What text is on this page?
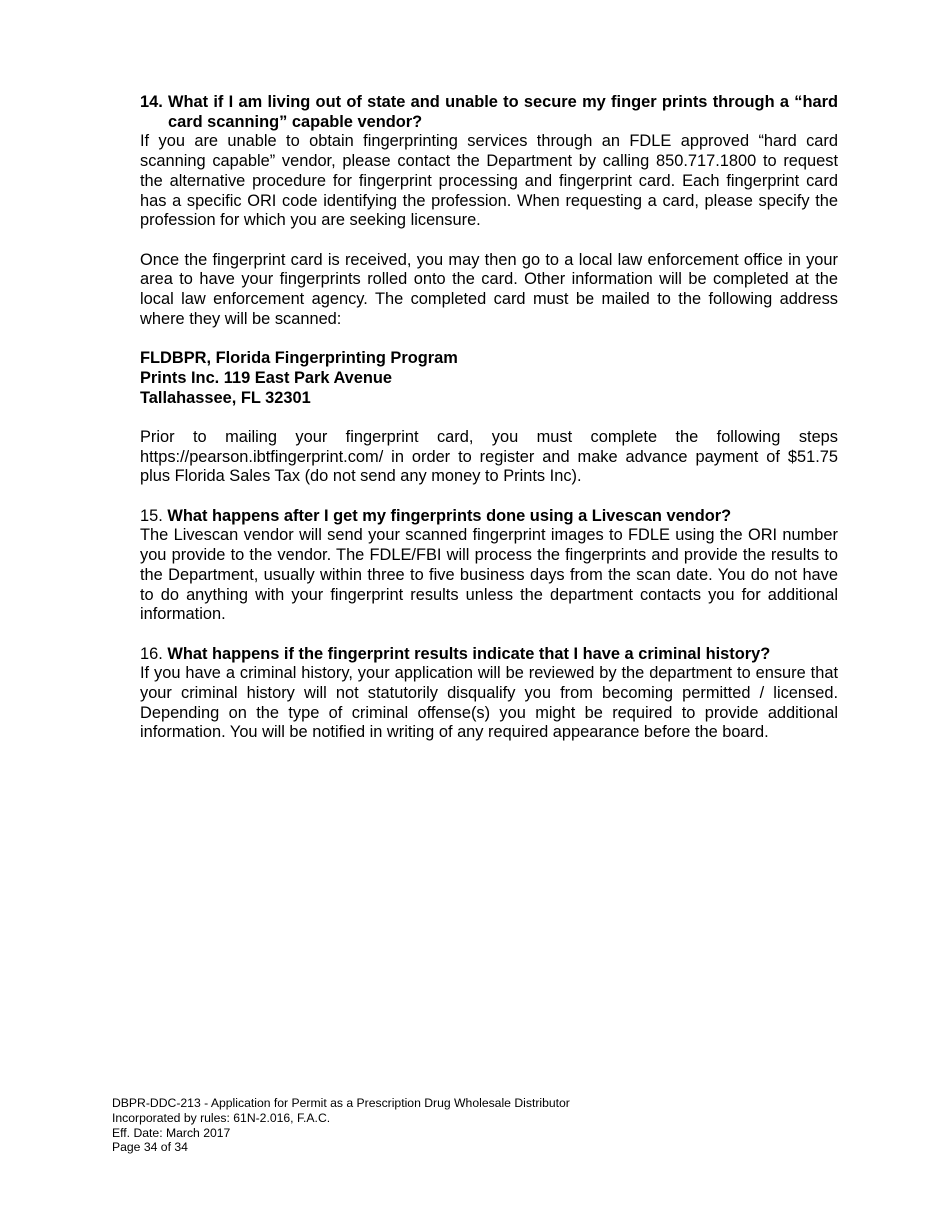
14. What if I am living out of state and unable to secure my finger prints through a “hard card scanning” capable vendor?

If you are unable to obtain fingerprinting services through an FDLE approved “hard card scanning capable” vendor, please contact the Department by calling 850.717.1800 to request the alternative procedure for fingerprint processing and fingerprint card. Each fingerprint card has a specific ORI code identifying the profession. When requesting a card, please specify the profession for which you are seeking licensure.

Once the fingerprint card is received, you may then go to a local law enforcement office in your area to have your fingerprints rolled onto the card. Other information will be completed at the local law enforcement agency. The completed card must be mailed to the following address where they will be scanned:

FLDBPR, Florida Fingerprinting Program
Prints Inc. 119 East Park Avenue
Tallahassee, FL 32301

Prior to mailing your fingerprint card, you must complete the following steps https://pearson.ibtfingerprint.com/ in order to register and make advance payment of $51.75 plus Florida Sales Tax (do not send any money to Prints Inc).

15. What happens after I get my fingerprints done using a Livescan vendor?

The Livescan vendor will send your scanned fingerprint images to FDLE using the ORI number you provide to the vendor. The FDLE/FBI will process the fingerprints and provide the results to the Department, usually within three to five business days from the scan date. You do not have to do anything with your fingerprint results unless the department contacts you for additional information.

16. What happens if the fingerprint results indicate that I have a criminal history?

If you have a criminal history, your application will be reviewed by the department to ensure that your criminal history will not statutorily disqualify you from becoming permitted / licensed. Depending on the type of criminal offense(s) you might be required to provide additional information. You will be notified in writing of any required appearance before the board.

DBPR-DDC-213 - Application for Permit as a Prescription Drug Wholesale Distributor
Incorporated by rules: 61N-2.016, F.A.C.
Eff. Date: March 2017
Page 34 of 34
